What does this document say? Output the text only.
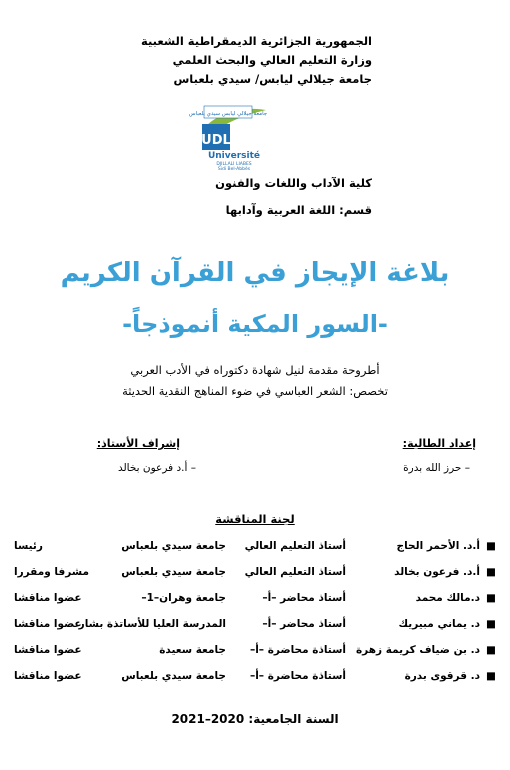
الجمهورية الجزائرية الديمقراطية الشعبية
وزارة التعليم العالي والبحث العلمي
جامعة جيلالي ليابس/ سيدي بلعباس
جامعة جيلالي ليابس سيدي بلعباس
UDL
Université
DJILLALI LIABES
Sidi Bel-Abbès
كلية الآداب واللغات والفنون
قسم: اللغة العربية وآدابها
بلاغة الإيجاز في القرآن الكريم
-السور المكية أنموذجاً-
أطروحة مقدمة لنيل شهادة دكتوراه في الأدب العربي
تخصص: الشعر العباسي في ضوء المناهج النقدية الحديثة
إعداد الطالبة:
– حرز الله بدرة
إشراف الأستاذ:
– أ.د فرعون بخالد
لجنة المناقشة
■
أ.د. الأحمر الحاج
أستاذ التعليم العالي
جامعة سيدي بلعباس
رئيسا
■
أ.د. فرعون بخالد
أستاذ التعليم العالي
جامعة سيدي بلعباس
مشرفا ومقررا
■
د.مالك محمد
أستاذ محاضر –أ–
جامعة وهران–1–
عضوا مناقشا
■
د. يماني مبيريك
أستاذ محاضر –أ–
المدرسة العليا للأساتذة بشار
عضوا مناقشا
■
د. بن ضياف كريمة زهرة
أستاذة محاضرة –أ–
جامعة سعيدة
عضوا مناقشا
■
د. قرقوى بدرة
أستاذة محاضرة –أ–
جامعة سيدي بلعباس
عضوا مناقشا
السنة الجامعية: 2021–2020
